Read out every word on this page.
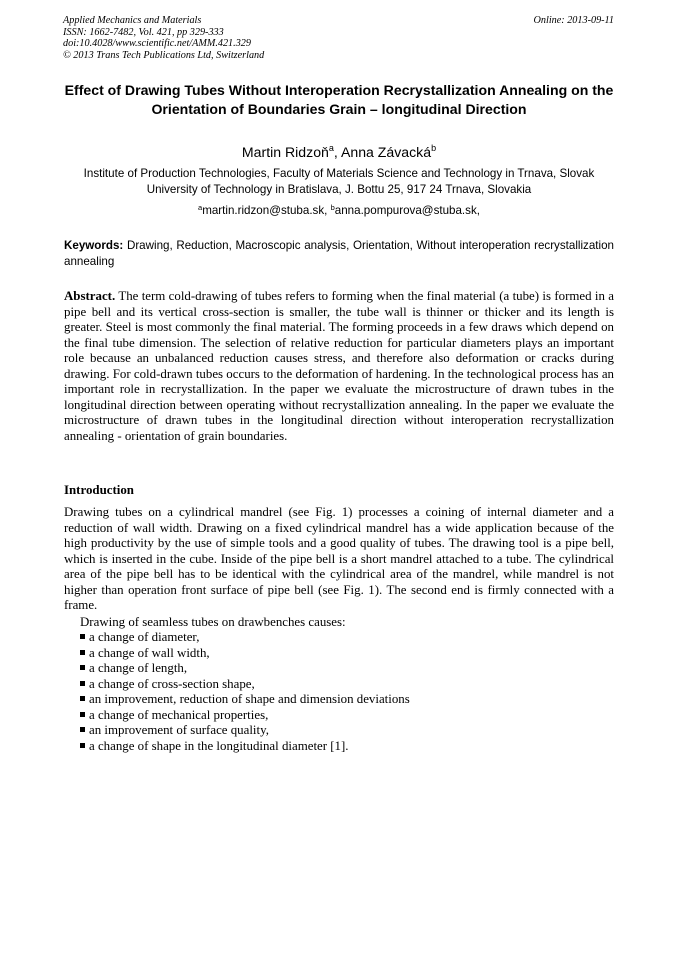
Applied Mechanics and Materials
ISSN: 1662-7482, Vol. 421, pp 329-333
doi:10.4028/www.scientific.net/AMM.421.329
© 2013 Trans Tech Publications Ltd, Switzerland
Online: 2013-09-11
Effect of Drawing Tubes Without Interoperation Recrystallization Annealing on the Orientation of Boundaries Grain – longitudinal Direction
Martin Ridzoň$^a$, Anna Závacká$^b$
Institute of Production Technologies, Faculty of Materials Science and Technology in Trnava, Slovak University of Technology in Bratislava, J. Bottu 25, 917 24 Trnava, Slovakia
$^a$martin.ridzon@stuba.sk, $^b$anna.pompurova@stuba.sk,
Keywords: Drawing, Reduction, Macroscopic analysis, Orientation, Without interoperation recrystallization annealing
Abstract. The term cold-drawing of tubes refers to forming when the final material (a tube) is formed in a pipe bell and its vertical cross-section is smaller, the tube wall is thinner or thicker and its length is greater. Steel is most commonly the final material. The forming proceeds in a few draws which depend on the final tube dimension. The selection of relative reduction for particular diameters plays an important role because an unbalanced reduction causes stress, and therefore also deformation or cracks during drawing. For cold-drawn tubes occurs to the deformation of hardening. In the technological process has an important role in recrystallization. In the paper we evaluate the microstructure of drawn tubes in the longitudinal direction between operating without recrystallization annealing. In the paper we evaluate the microstructure of drawn tubes in the longitudinal direction without interoperation recrystallization annealing - orientation of grain boundaries.
Introduction
Drawing tubes on a cylindrical mandrel (see Fig. 1) processes a coining of internal diameter and a reduction of wall width. Drawing on a fixed cylindrical mandrel has a wide application because of the high productivity by the use of simple tools and a good quality of tubes. The drawing tool is a pipe bell, which is inserted in the cube. Inside of the pipe bell is a short mandrel attached to a tube. The cylindrical area of the pipe bell has to be identical with the cylindrical area of the mandrel, while mandrel is not higher than operation front surface of pipe bell (see Fig. 1). The second end is firmly connected with a frame.
Drawing of seamless tubes on drawbenches causes:
a change of diameter,
a change of wall width,
a change of length,
a change of cross-section shape,
an improvement, reduction of shape and dimension deviations
a change of mechanical properties,
an improvement of surface quality,
a change of shape in the longitudinal diameter [1].
